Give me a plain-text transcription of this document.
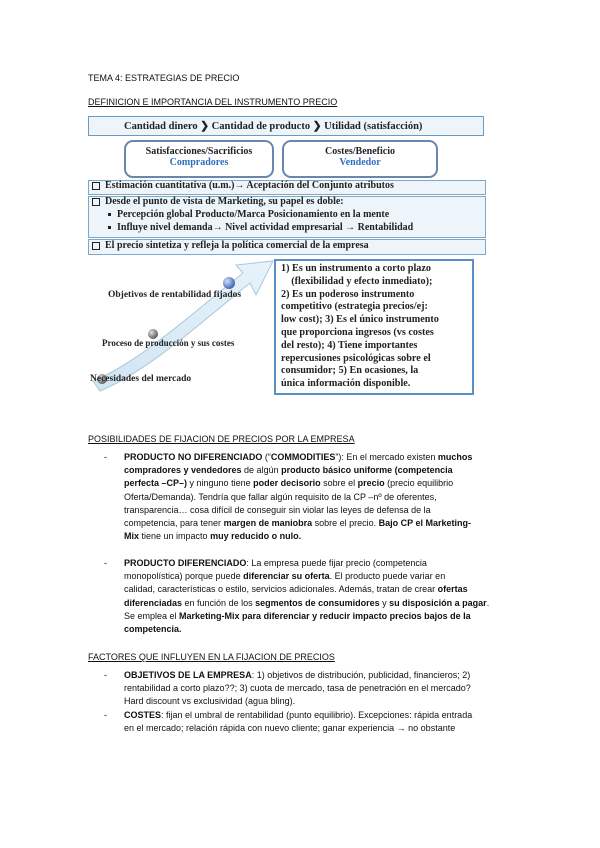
TEMA 4: ESTRATEGIAS DE PRECIO
DEFINICION E IMPORTANCIA DEL INSTRUMENTO PRECIO
Cantidad dinero ❯ Cantidad de producto ❯ Utilidad (satisfacción)
Satisfacciones/Sacrificios
Compradores
Costes/Beneficio
Vendedor
Estimación cuantitativa (u.m.)→ Aceptación del Conjunto atributos
Desde el punto de vista de Marketing, su papel es doble:
Percepción global Producto/Marca Posicionamiento en la mente
Influye nivel demanda→ Nivel actividad empresarial → Rentabilidad
El precio sintetiza y refleja la política comercial de la empresa
Objetivos de rentabilidad fijados
Proceso de producción y sus costes
Necesidades del mercado
1) Es un instrumento a corto plazo
(flexibilidad y efecto inmediato);
2) Es un poderoso instrumento
competitivo (estrategia precios/ej:
low cost); 3) Es el único instrumento
que proporciona ingresos (vs costes
del resto); 4) Tiene importantes
repercusiones psicológicas sobre el
consumidor; 5) En ocasiones, la
única información disponible.
POSIBILIDADES DE FIJACION DE PRECIOS POR LA EMPRESA
- PRODUCTO NO DIFERENCIADO (“COMMODITIES”): En el mercado existen muchos
compradores y vendedores de algún producto básico uniforme (competencia
perfecta –CP–) y ninguno tiene poder decisorio sobre el precio (precio equilibrio
Oferta/Demanda). Tendría que fallar algún requisito de la CP –nº de oferentes,
transparencia… cosa difícil de conseguir sin violar las leyes de defensa de la
competencia, para tener margen de maniobra sobre el precio. Bajo CP el Marketing-
Mix tiene un impacto muy reducido o nulo.
- PRODUCTO DIFERENCIADO: La empresa puede fijar precio (competencia
monopolística) porque puede diferenciar su oferta. El producto puede variar en
calidad, características o estilo, servicios adicionales. Además, tratan de crear ofertas
diferenciadas en función de los segmentos de consumidores y su disposición a pagar.
Se emplea el Marketing-Mix para diferenciar y reducir impacto precios bajos de la
competencia.
FACTORES QUE INFLUYEN EN LA FIJACION DE PRECIOS
- OBJETIVOS DE LA EMPRESA: 1) objetivos de distribución, publicidad, financieros; 2)
rentabilidad a corto plazo??; 3) cuota de mercado, tasa de penetración en el mercado?
Hard discount vs exclusividad (agua bling).
- COSTES: fijan el umbral de rentabilidad (punto equilibrio). Excepciones: rápida entrada
en el mercado; relación rápida con nuevo cliente; ganar experiencia → no obstante
